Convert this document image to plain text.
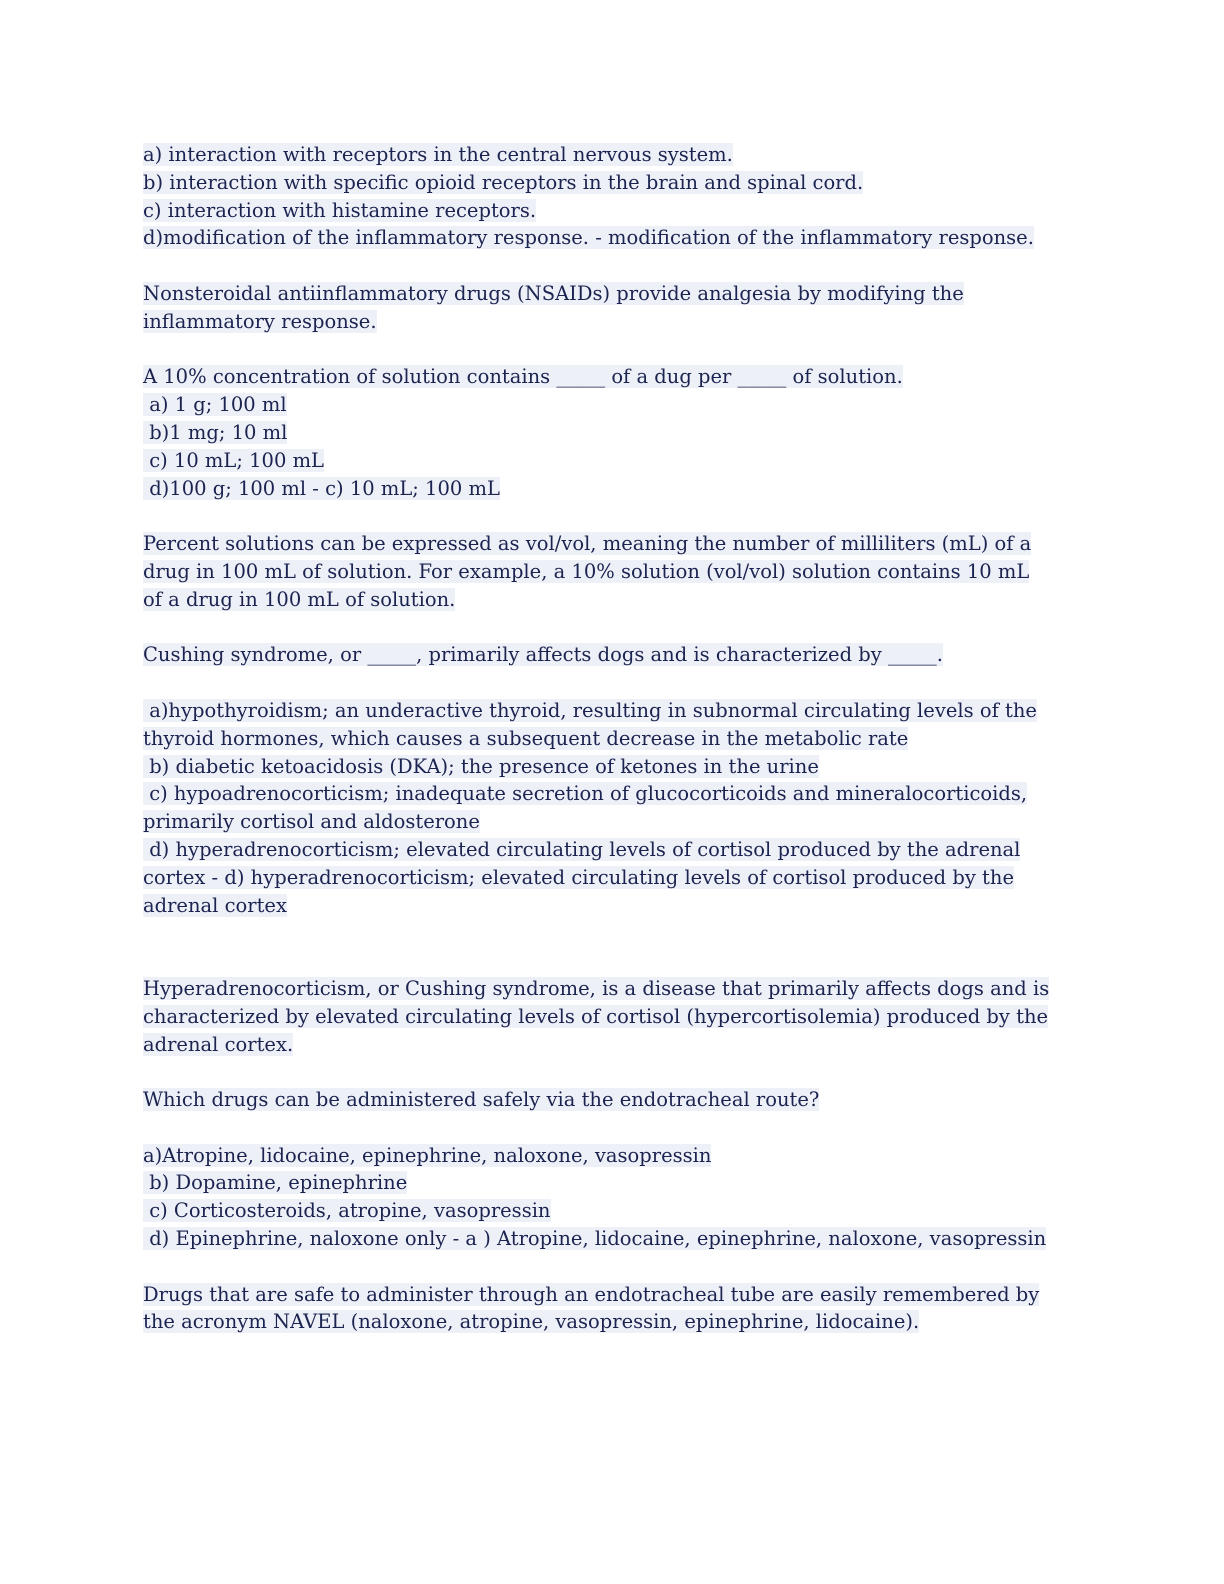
a) interaction with receptors in the central nervous system.
b) interaction with specific opioid receptors in the brain and spinal cord.
c) interaction with histamine receptors.
d)modification of the inflammatory response. - modification of the inflammatory response.
Nonsteroidal antiinflammatory drugs (NSAIDs) provide analgesia by modifying the
inflammatory response.
A 10% concentration of solution contains _____ of a dug per _____ of solution.
a) 1 g; 100 ml
b)1 mg; 10 ml
c) 10 mL; 100 mL
d)100 g; 100 ml - c) 10 mL; 100 mL
Percent solutions can be expressed as vol/vol, meaning the number of milliliters (mL) of a
drug in 100 mL of solution. For example, a 10% solution (vol/vol) solution contains 10 mL
of a drug in 100 mL of solution.
Cushing syndrome, or _____, primarily affects dogs and is characterized by _____.
a)hypothyroidism; an underactive thyroid, resulting in subnormal circulating levels of the
thyroid hormones, which causes a subsequent decrease in the metabolic rate
b) diabetic ketoacidosis (DKA); the presence of ketones in the urine
c) hypoadrenocorticism; inadequate secretion of glucocorticoids and mineralocorticoids,
primarily cortisol and aldosterone
d) hyperadrenocorticism; elevated circulating levels of cortisol produced by the adrenal
cortex - d) hyperadrenocorticism; elevated circulating levels of cortisol produced by the
adrenal cortex
Hyperadrenocorticism, or Cushing syndrome, is a disease that primarily affects dogs and is
characterized by elevated circulating levels of cortisol (hypercortisolemia) produced by the
adrenal cortex.
Which drugs can be administered safely via the endotracheal route?
a)Atropine, lidocaine, epinephrine, naloxone, vasopressin
b) Dopamine, epinephrine
c) Corticosteroids, atropine, vasopressin
d) Epinephrine, naloxone only - a ) Atropine, lidocaine, epinephrine, naloxone, vasopressin
Drugs that are safe to administer through an endotracheal tube are easily remembered by
the acronym NAVEL (naloxone, atropine, vasopressin, epinephrine, lidocaine).
